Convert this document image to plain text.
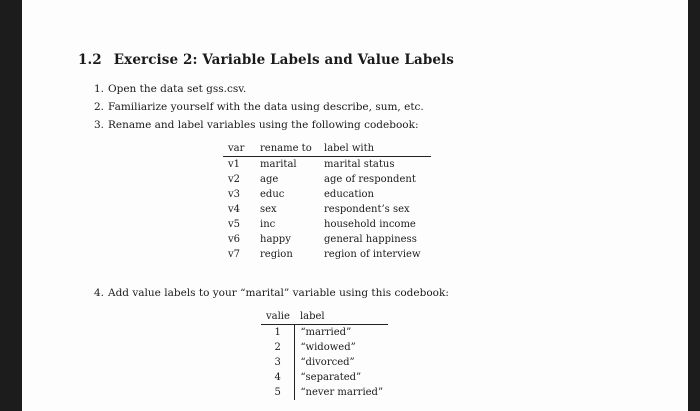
1.2 Exercise 2: Variable Labels and Value Labels
1. Open the data set gss.csv.
2. Familiarize yourself with the data using describe, sum, etc.
3. Rename and label variables using the following codebook:
var	rename to	label with
v1	marital	marital status
v2	age	age of respondent
v3	educ	education
v4	sex	respondent’s sex
v5	inc	household income
v6	happy	general happiness
v7	region	region of interview
4. Add value labels to your “marital” variable using this codebook:
valie	label
1	“married”
2	“widowed”
3	“divorced”
4	“separated”
5	“never married”
